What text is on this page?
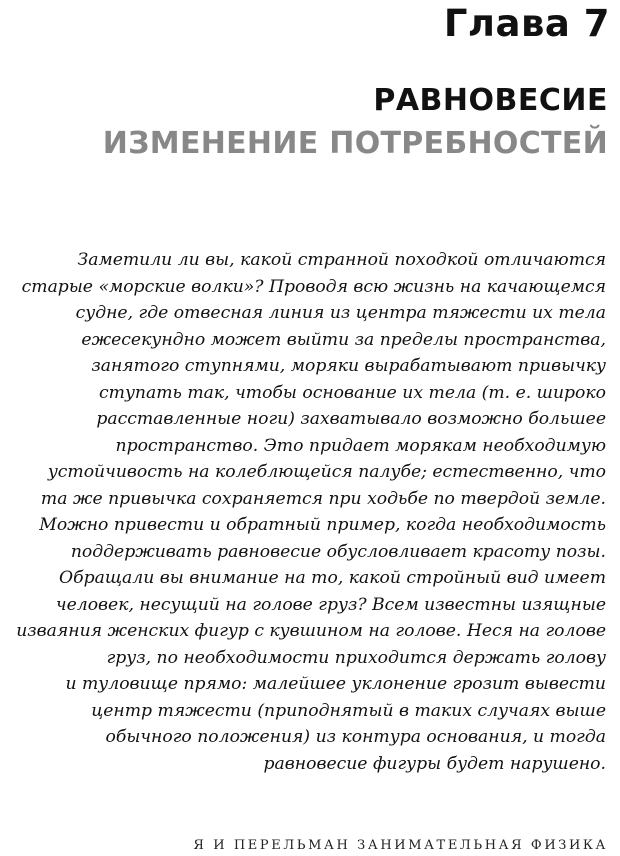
Глава 7
РАВНОВЕСИЕ
ИЗМЕНЕНИЕ ПОТРЕБНОСТЕЙ
Заметили ли вы, какой странной походкой отличаются
старые «морские волки»? Проводя всю жизнь на качающемся
судне, где отвесная линия из центра тяжести их тела
ежесекундно может выйти за пределы пространства,
занятого ступнями, моряки вырабатывают привычку
ступать так, чтобы основание их тела (т. е. широко
расставленные ноги) захватывало возможно большее
пространство. Это придает морякам необходимую
устойчивость на колеблющейся палубе; естественно, что
та же привычка сохраняется при ходьбе по твердой земле.
Можно привести и обратный пример, когда необходимость
поддерживать равновесие обусловливает красоту позы.
Обращали вы внимание на то, какой стройный вид имеет
человек, несущий на голове груз? Всем известны изящные
изваяния женских фигур с кувшином на голове. Неся на голове
груз, по необходимости приходится держать голову
и туловище прямо: малейшее уклонение грозит вывести
центр тяжести (приподнятый в таких случаях выше
обычного положения) из контура основания, и тогда
равновесие фигуры будет нарушено.
Я И ПЕРЕЛЬМАН ЗАНИМАТЕЛЬНАЯ ФИЗИКА
